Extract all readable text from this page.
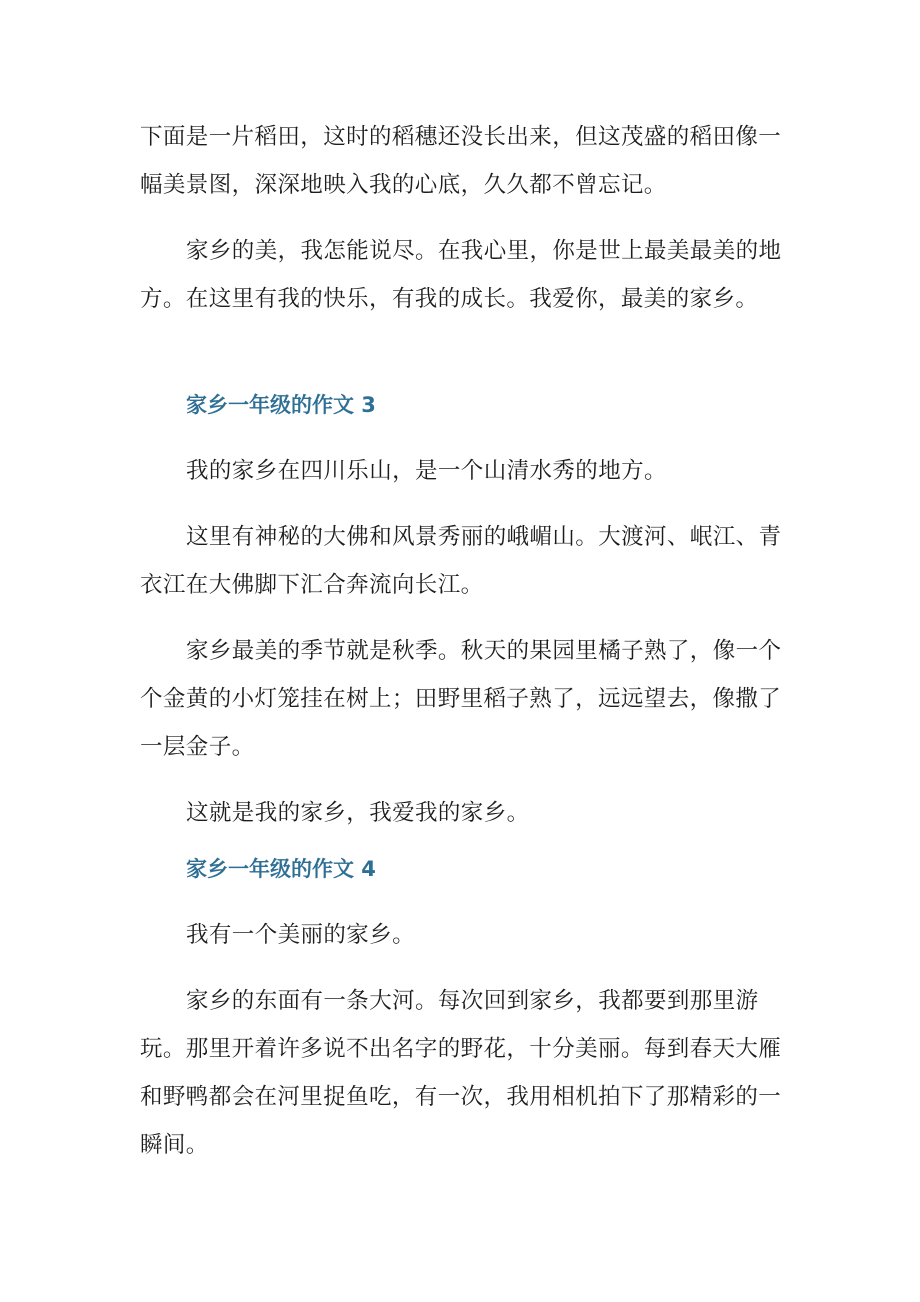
下面是一片稻田，这时的稻穗还没长出来，但这茂盛的稻田像一幅美景图，深深地映入我的心底，久久都不曾忘记。

家乡的美，我怎能说尽。在我心里，你是世上最美最美的地方。在这里有我的快乐，有我的成长。我爱你，最美的家乡。

家乡一年级的作文 3

我的家乡在四川乐山，是一个山清水秀的地方。

这里有神秘的大佛和风景秀丽的峨嵋山。大渡河、岷江、青衣江在大佛脚下汇合奔流向长江。

家乡最美的季节就是秋季。秋天的果园里橘子熟了，像一个个金黄的小灯笼挂在树上；田野里稻子熟了，远远望去，像撒了一层金子。

这就是我的家乡，我爱我的家乡。

家乡一年级的作文 4

我有一个美丽的家乡。

家乡的东面有一条大河。每次回到家乡，我都要到那里游玩。那里开着许多说不出名字的野花，十分美丽。每到春天大雁和野鸭都会在河里捉鱼吃，有一次，我用相机拍下了那精彩的一瞬间。
